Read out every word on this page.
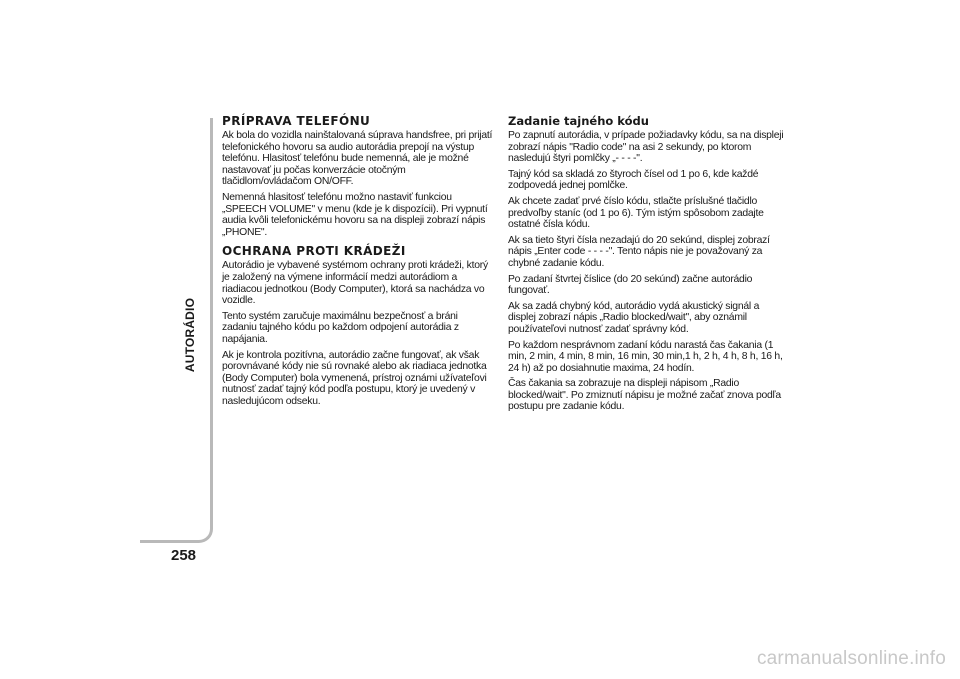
AUTORÁDIO
258
PRÍPRAVA TELEFÓNU

Ak bola do vozidla nainštalovaná súprava handsfree, pri prijatí telefonického hovoru sa audio autorádia prepojí na výstup telefónu. Hlasitosť telefónu bude nemenná, ale je možné nastavovať ju počas konverzácie otočným tlačidlom/ovládačom ON/OFF.

Nemenná hlasitosť telefónu možno nastaviť funkciou „SPEECH VOLUME" v menu (kde je k dispozícii). Pri vypnutí audia kvôli telefonickému hovoru sa na displeji zobrazí nápis „PHONE".

OCHRANA PROTI KRÁDEŽI

Autorádio je vybavené systémom ochrany proti krádeži, ktorý je založený na výmene informácií medzi autorádiom a riadiacou jednotkou (Body Computer), ktorá sa nachádza vo vozidle.

Tento systém zaručuje maximálnu bezpečnosť a bráni zadaniu tajného kódu po každom odpojení autorádia z napájania.

Ak je kontrola pozitívna, autorádio začne fungovať, ak však porovnávané kódy nie sú rovnaké alebo ak riadiaca jednotka (Body Computer) bola vymenená, prístroj oznámi užívateľovi nutnosť zadať tajný kód podľa postupu, ktorý je uvedený v nasledujúcom odseku.

Zadanie tajného kódu

Po zapnutí autorádia, v prípade požiadavky kódu, sa na displeji zobrazí nápis "Radio code" na asi 2 sekundy, po ktorom nasledujú štyri pomlčky „- - - -".

Tajný kód sa skladá zo štyroch čísel od 1 po 6, kde každé zodpovedá jednej pomlčke.

Ak chcete zadať prvé číslo kódu, stlačte príslušné tlačidlo predvoľby staníc (od 1 po 6). Tým istým spôsobom zadajte ostatné čísla kódu.

Ak sa tieto štyri čísla nezadajú do 20 sekúnd, displej zobrazí nápis „Enter code - - - -". Tento nápis nie je považovaný za chybné zadanie kódu.

Po zadaní štvrtej číslice (do 20 sekúnd) začne autorádio fungovať.

Ak sa zadá chybný kód, autorádio vydá akustický signál a displej zobrazí nápis „Radio blocked/wait", aby oznámil používateľovi nutnosť zadať správny kód.

Po každom nesprávnom zadaní kódu narastá čas čakania (1 min, 2 min, 4 min, 8 min, 16 min, 30 min,1 h, 2 h, 4 h, 8 h, 16 h, 24 h) až po dosiahnutie maxima, 24 hodín.

Čas čakania sa zobrazuje na displeji nápisom „Radio blocked/wait". Po zmiznutí nápisu je možné začať znova podľa postupu pre zadanie kódu.

carmanualsonline.info
